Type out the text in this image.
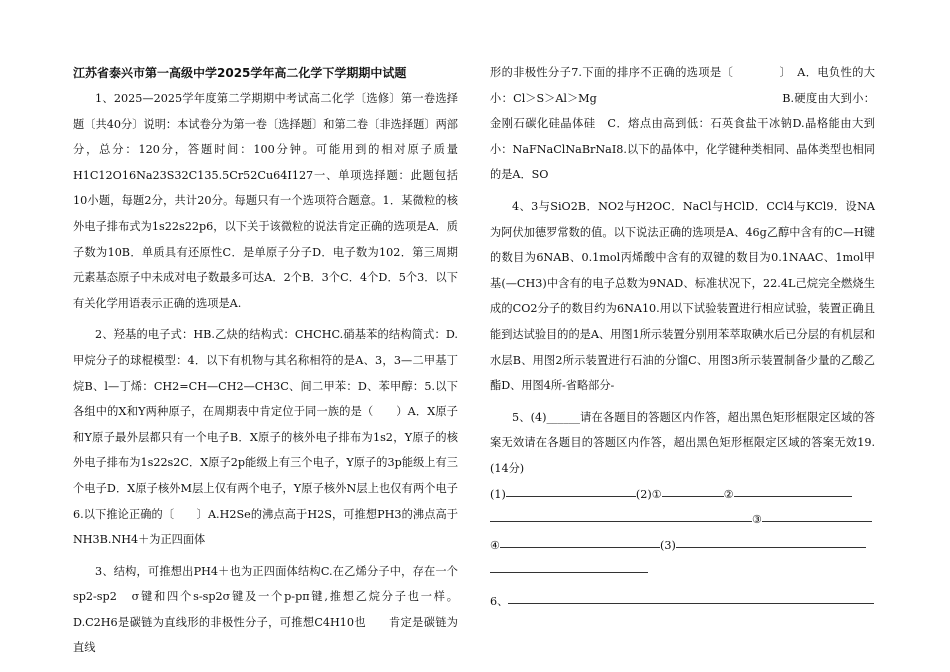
江苏省泰兴市第一高级中学2025学年高二化学下学期期中试题

1、2025—2025学年度第二学期期中考试高二化学〔选修〕第一卷选择题〔共40分〕说明：本试卷分为第一卷〔选择题〕和第二卷〔非选择题〕两部分，总分：120分，答题时间：100分钟。可能用到的相对原子质量H1C12O16Na23S32C135.5Cr52Cu64I127一、单项选择题：此题包括10小题，每题2分，共计20分。每题只有一个选项符合题意。1．某微粒的核外电子排布式为1s22s22p6，以下关于该微粒的说法肯定正确的选项是A．质子数为10B．单质具有还原性C．是单原子分子D．电子数为102．第三周期元素基态原子中未成对电子数最多可达A．2个B．3个C．4个D．5个3．以下有关化学用语表示正确的选项是A.

2、羟基的电子式：HB.乙炔的结构式：CHCHC.硝基苯的结构简式：D.甲烷分子的球棍模型：4．以下有机物与其名称相符的是A、3，3—二甲基丁烷B、l—丁烯：CH2=CH—CH2—CH3C、间二甲苯：D、苯甲醇：5.以下各组中的X和Y两种原子，在周期表中肯定位于同一族的是（　　）A．X原子和Y原子最外层都只有一个电子B．X原子的核外电子排布为1s2，Y原子的核外电子排布为1s22s2C．X原子2p能级上有三个电子，Y原子的3p能级上有三个电子D．X原子核外M层上仅有两个电子，Y原子核外N层上也仅有两个电子6.以下推论正确的〔　　〕A.H2Se的沸点高于H2S，可推想PH3的沸点高于NH3B.NH4＋为正四面体

3、结构，可推想出PH4＋也为正四面体结构C.在乙烯分子中，存在一个sp2-sp2　σ键和四个s-sp2σ键及一个p-pπ键,推想乙烷分子也一样。D.C2H6是碳链为直线形的非极性分子，可推想C4H10也　　肯定是碳链为直线

形的非极性分子7.下面的排序不正确的选项是〔　　　　〕　A．电负性的大小：Cl＞S＞Al＞Mg　　　　　　　　　　　　　　　　B.硬度由大到小：金刚石碳化硅晶体硅　C．熔点由高到低：石英食盐干冰钠D.晶格能由大到小：NaFNaClNaBrNaI8.以下的晶体中，化学键种类相同、晶体类型也相同的是A．SO

4、3与SiO2B．NO2与H2OC．NaCl与HClD．CCl4与KCl9．设NA为阿伏加德罗常数的值。以下说法正确的选项是A、46g乙醇中含有的C—H键的数目为6NAB、0.1mol丙烯酸中含有的双键的数目为0.1NAAC、1mol甲基(—CH3)中含有的电子总数为9NAD、标准状况下，22.4L己烷完全燃烧生成的CO2分子的数目约为6NA10.用以下试验装置进行相应试验，装置正确且能到达试验目的的是A、用图1所示装置分别用苯萃取碘水后已分层的有机层和水层B、用图2所示装置进行石油的分馏C、用图3所示装置制备少量的乙酸乙酯D、用图4所-省略部分-

5、(4)______请在各题目的答题区内作答，超出黑色矩形框限定区域的答案无效请在各题目的答题区内作答，超出黑色矩形框限定区域的答案无效19.(14分)

(1)	(2)①	②
③
④	(3)
6、
